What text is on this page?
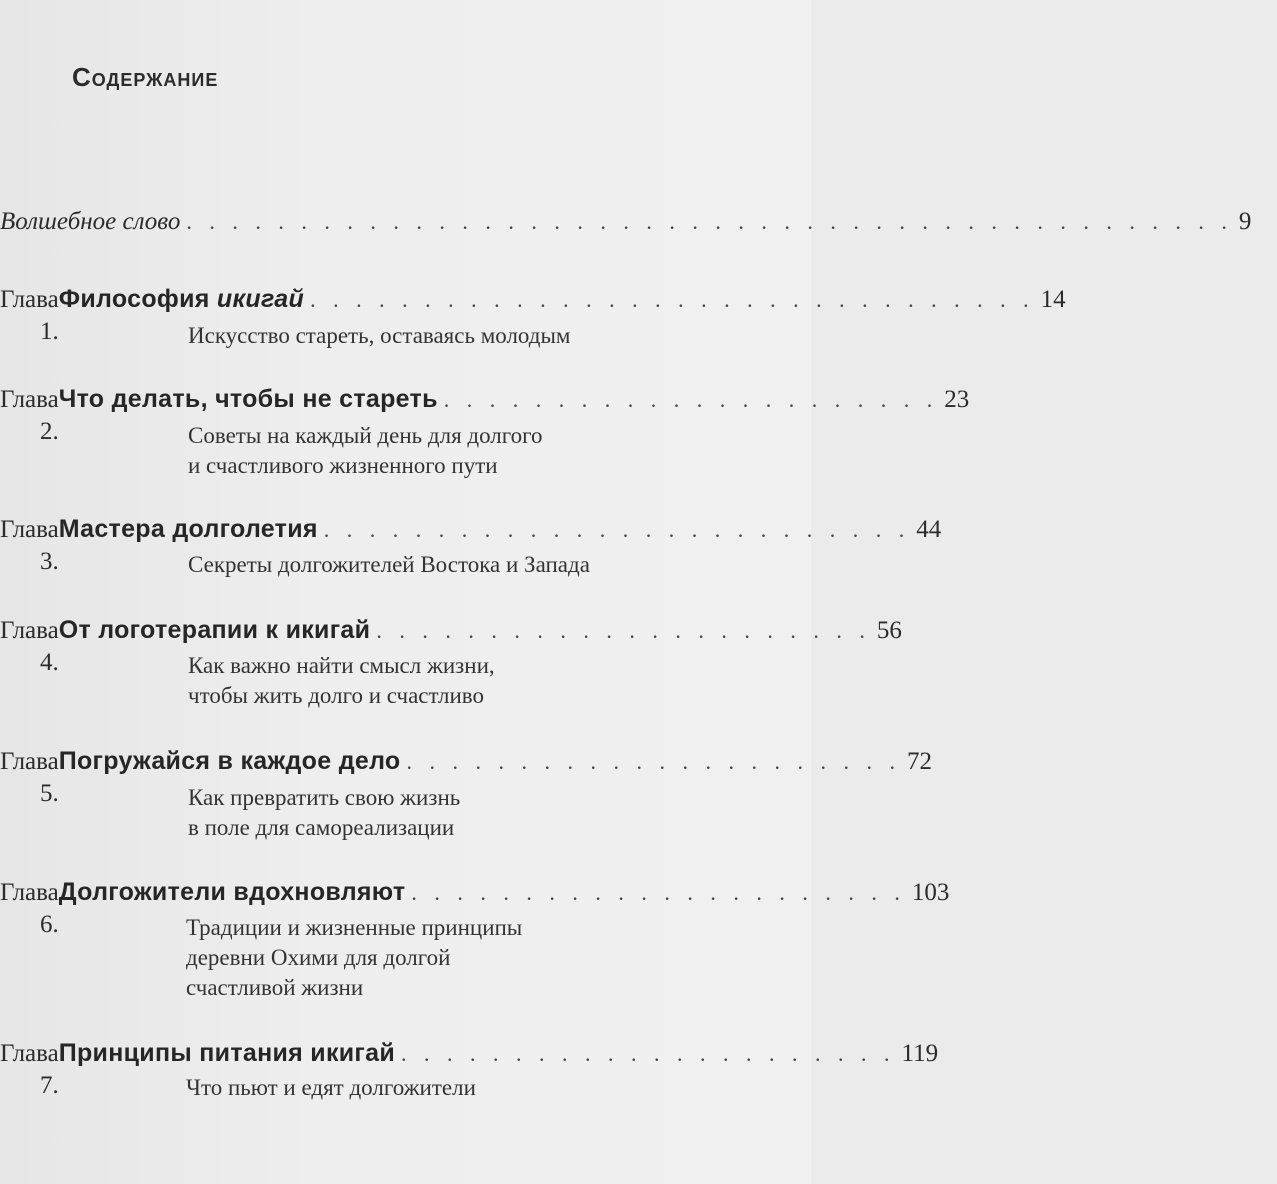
Содержание
Волшебное слово . . . . . . . . . . . . . . . . . . . . . . . . . . . . . . . . . . . . . . . . . . . . . . 9
Глава 1.
Философия икигай . . . . . . . . . . . . . . . . . . . . . . . . . . . . . . . . 14
Искусство стареть, оставаясь молодым
Глава 2.
Что делать, чтобы не стареть . . . . . . . . . . . . . . . . . . . . . . 23
Советы на каждый день для долгого
и счастливого жизненного пути
Глава 3.
Мастера долголетия . . . . . . . . . . . . . . . . . . . . . . . . . . 44
Секреты долгожителей Востока и Запада
Глава 4.
От логотерапии к икигай . . . . . . . . . . . . . . . . . . . . . . 56
Как важно найти смысл жизни,
чтобы жить долго и счастливо
Глава 5.
Погружайся в каждое дело . . . . . . . . . . . . . . . . . . . . . . 72
Как превратить свою жизнь
в поле для самореализации
Глава 6.
Долгожители вдохновляют . . . . . . . . . . . . . . . . . . . . . . 103
Традиции и жизненные принципы
деревни Охими для долгой
счастливой жизни
Глава 7.
Принципы питания икигай . . . . . . . . . . . . . . . . . . . . . . 119
Что пьют и едят долгожители
